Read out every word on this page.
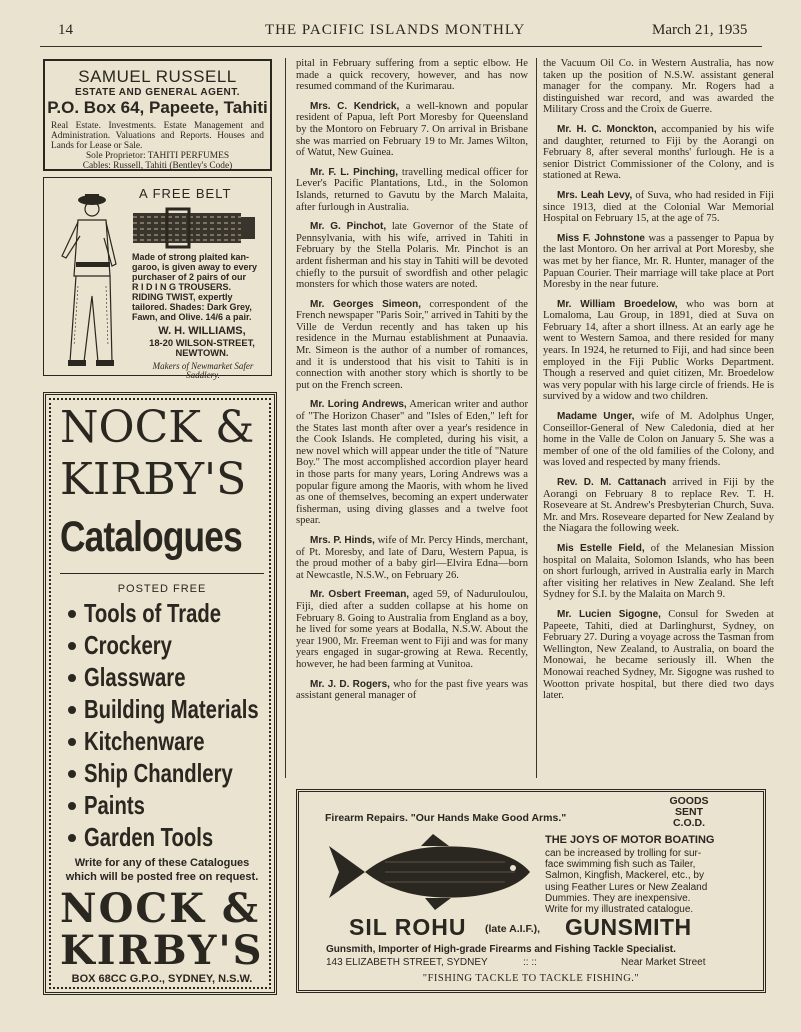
14	THE PACIFIC ISLANDS MONTHLY	March 21, 1935
SAMUEL RUSSELL
ESTATE AND GENERAL AGENT.
P.O. Box 64, Papeete, Tahiti
Real Estate. Investments. Estate Management and Administration. Valuations and Reports. Houses and Lands for Lease or Sale.
Sole Proprietor: TAHITI PERFUMES
Cables: Russell, Tahiti (Bentley's Code)
A FREE BELT
Made of strong plaited kan-
garoo, is given away to every
purchaser of 2 pairs of our
R I D I N G TROUSERS.
RIDING TWIST, expertly
tailored. Shades: Dark Grey,
Fawn, and Olive. 14/6 a pair.
W. H. WILLIAMS,
18-20 WILSON-STREET,
NEWTOWN.
Makers of Newmarket Safer
Saddlery.
NOCK &
KIRBY'S
Catalogues
POSTED FREE
Tools of Trade
Crockery
Glassware
Building Materials
Kitchenware
Ship Chandlery
Paints
Garden Tools
Write for any of these Catalogues
which will be posted free on request.
NOCK &
KIRBY'S
BOX 68CC G.P.O., SYDNEY, N.S.W.

pital in February suffering from a septic elbow. He made a quick recovery, however, and has now resumed command of the Kurimarau.

Mrs. C. Kendrick, a well-known and popular resident of Papua, left Port Moresby for Queensland by the Montoro on February 7. On arrival in Brisbane she was married on February 19 to Mr. James Wilton, of Watut, New Guinea.

Mr. F. L. Pinching, travelling medical officer for Lever's Pacific Plantations, Ltd., in the Solomon Islands, returned to Gavutu by the March Malaita, after furlough in Australia.

Mr. G. Pinchot, late Governor of the State of Pennsylvania, with his wife, arrived in Tahiti in February by the Stella Polaris. Mr. Pinchot is an ardent fisherman and his stay in Tahiti will be devoted chiefly to the pursuit of swordfish and other pelagic monsters for which those waters are noted.

Mr. Georges Simeon, correspondent of the French newspaper "Paris Soir," arrived in Tahiti by the Ville de Verdun recently and has taken up his residence in the Murnau establishment at Punaavia. Mr. Simeon is the author of a number of romances, and it is understood that his visit to Tahiti is in connection with another story which is shortly to be put on the French screen.

Mr. Loring Andrews, American writer and author of "The Horizon Chaser" and "Isles of Eden," left for the States last month after over a year's residence in the Cook Islands. He completed, during his visit, a new novel which will appear under the title of "Nature Boy." The most accomplished accordion player heard in those parts for many years, Loring Andrews was a popular figure among the Maoris, with whom he lived as one of themselves, becoming an expert underwater fisherman, using diving glasses and a twelve foot spear.

Mrs. P. Hinds, wife of Mr. Percy Hinds, merchant, of Pt. Moresby, and late of Daru, Western Papua, is the proud mother of a baby girl—Elvira Edna—born at Newcastle, N.S.W., on February 26.

Mr. Osbert Freeman, aged 59, of Naduruloulou, Fiji, died after a sudden collapse at his home on February 8. Going to Australia from England as a boy, he lived for some years at Bodalla, N.S.W. About the year 1900, Mr. Freeman went to Fiji and was for many years engaged in sugar-growing at Rewa. Recently, however, he had been farming at Vunitoa.

Mr. J. D. Rogers, who for the past five years was assistant general manager of

the Vacuum Oil Co. in Western Australia, has now taken up the position of N.S.W. assistant general manager for the company. Mr. Rogers had a distinguished war record, and was awarded the Military Cross and the Croix de Guerre.

Mr. H. C. Monckton, accompanied by his wife and daughter, returned to Fiji by the Aorangi on February 8, after several months' furlough. He is a senior District Commissioner of the Colony, and is stationed at Rewa.

Mrs. Leah Levy, of Suva, who had resided in Fiji since 1913, died at the Colonial War Memorial Hospital on February 15, at the age of 75.

Miss F. Johnstone was a passenger to Papua by the last Montoro. On her arrival at Port Moresby, she was met by her fiance, Mr. R. Hunter, manager of the Papuan Courier. Their marriage will take place at Port Moresby in the near future.

Mr. William Broedelow, who was born at Lomaloma, Lau Group, in 1891, died at Suva on February 14, after a short illness. At an early age he went to Western Samoa, and there resided for many years. In 1924, he returned to Fiji, and had since been employed in the Fiji Public Works Department. Though a reserved and quiet citizen, Mr. Broedelow was very popular with his large circle of friends. He is survived by a widow and two children.

Madame Unger, wife of M. Adolphus Unger, Conseillor-General of New Caledonia, died at her home in the Valle de Colon on January 5. She was a member of one of the old families of the Colony, and was loved and respected by many friends.

Rev. D. M. Cattanach arrived in Fiji by the Aorangi on February 8 to replace Rev. T. H. Roseveare at St. Andrew's Presbyterian Church, Suva. Mr. and Mrs. Roseveare departed for New Zealand by the Niagara the following week.

Mis Estelle Field, of the Melanesian Mission hospital on Malaita, Solomon Islands, who has been on short furlough, arrived in Australia early in March after visiting her relatives in New Zealand. She left Sydney for S.I. by the Malaita on March 9.

Mr. Lucien Sigogne, Consul for Sweden at Papeete, Tahiti, died at Darlinghurst, Sydney, on February 27. During a voyage across the Tasman from Wellington, New Zealand, to Australia, on board the Monowai, he became seriously ill. When the Monowai reached Sydney, Mr. Sigogne was rushed to Wootton private hospital, but there died two days later.

Firearm Repairs. "Our Hands Make Good Arms."
GOODS
SENT
C.O.D.
THE JOYS OF MOTOR BOATING
can be increased by trolling for sur-
face swimming fish such as Tailer,
Salmon, Kingfish, Mackerel, etc., by
using Feather Lures or New Zealand
Dummies. They are inexpensive.
Write for my illustrated catalogue.
SIL ROHU (late A.I.F.), GUNSMITH
Gunsmith, Importer of High-grade Firearms and Fishing Tackle Specialist.
143 ELIZABETH STREET, SYDNEY	:: ::	Near Market Street
"FISHING TACKLE TO TACKLE FISHING."
